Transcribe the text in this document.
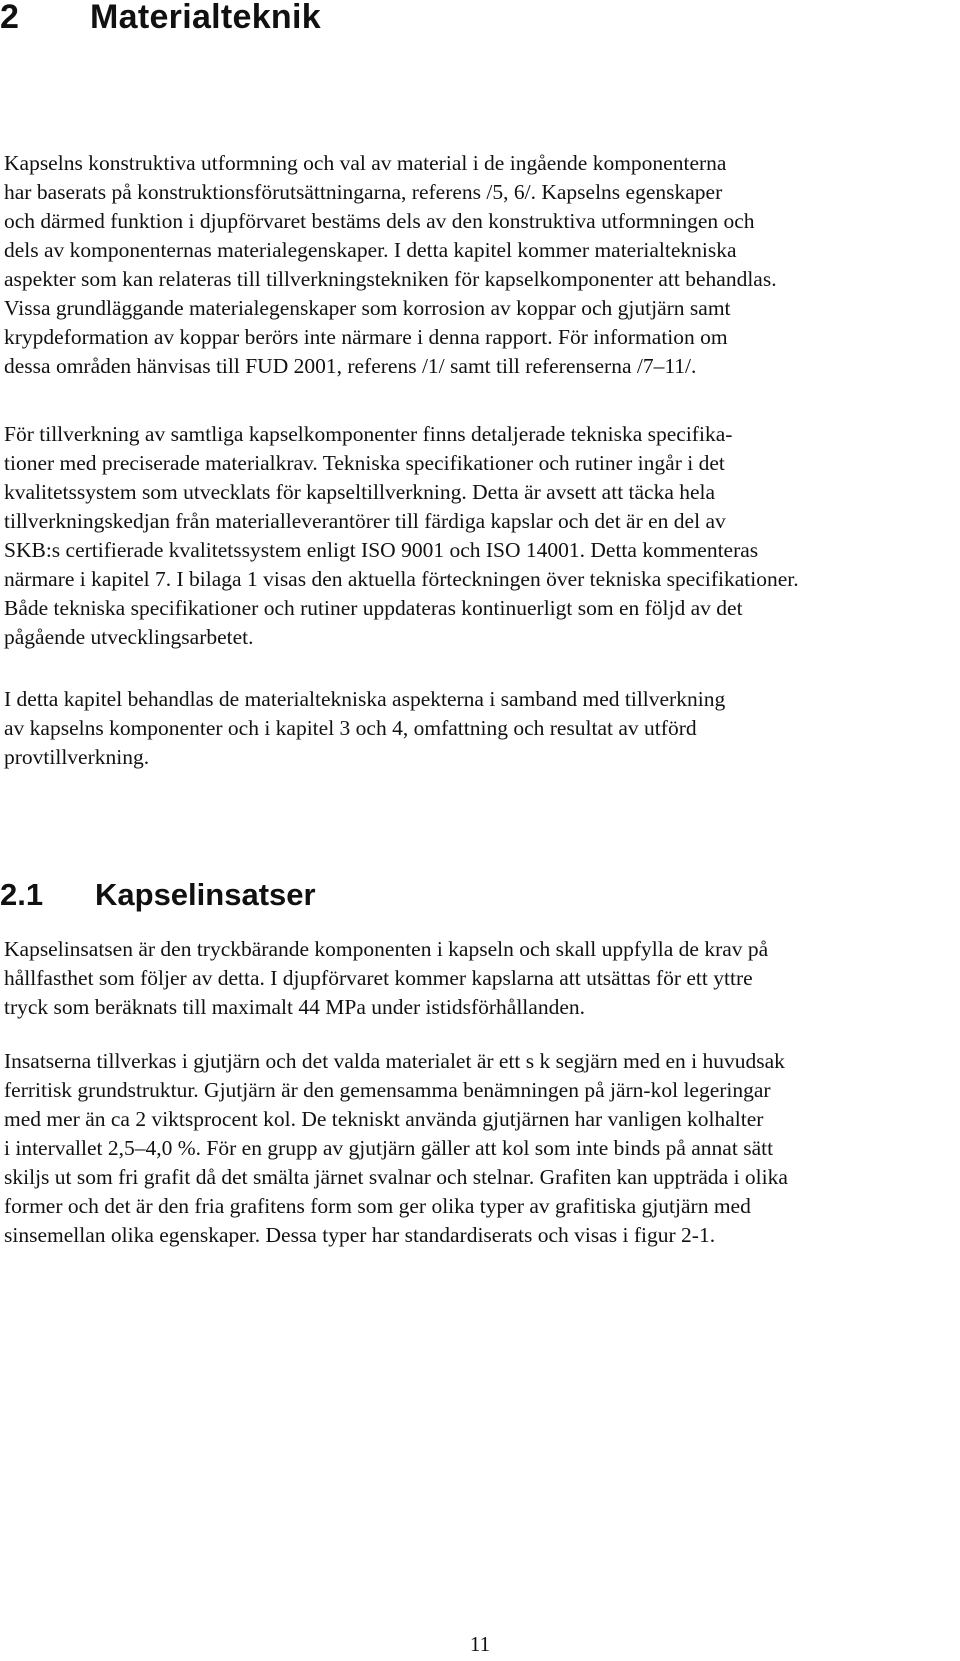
2 Materialteknik
Kapselns konstruktiva utformning och val av material i de ingående komponenterna
har baserats på konstruktionsförutsättningarna, referens /5, 6/. Kapselns egenskaper
och därmed funktion i djupförvaret bestäms dels av den konstruktiva utformningen och
dels av komponenternas materialegenskaper. I detta kapitel kommer materialtekniska
aspekter som kan relateras till tillverkningstekniken för kapselkomponenter att behandlas.
Vissa grundläggande materialegenskaper som korrosion av koppar och gjutjärn samt
krypdeformation av koppar berörs inte närmare i denna rapport. För information om
dessa områden hänvisas till FUD 2001, referens /1/ samt till referenserna /7–11/.
För tillverkning av samtliga kapselkomponenter finns detaljerade tekniska specifika-
tioner med preciserade materialkrav. Tekniska specifikationer och rutiner ingår i det
kvalitetssystem som utvecklats för kapseltillverkning. Detta är avsett att täcka hela
tillverkningskedjan från materialleverantörer till färdiga kapslar och det är en del av
SKB:s certifierade kvalitetssystem enligt ISO 9001 och ISO 14001. Detta kommenteras
närmare i kapitel 7. I bilaga 1 visas den aktuella förteckningen över tekniska specifikationer.
Både tekniska specifikationer och rutiner uppdateras kontinuerligt som en följd av det
pågående utvecklingsarbetet.
I detta kapitel behandlas de materialtekniska aspekterna i samband med tillverkning
av kapselns komponenter och i kapitel 3 och 4, omfattning och resultat av utförd
provtillverkning.
2.1 Kapselinsatser
Kapselinsatsen är den tryckbärande komponenten i kapseln och skall uppfylla de krav på
hållfasthet som följer av detta. I djupförvaret kommer kapslarna att utsättas för ett yttre
tryck som beräknats till maximalt 44 MPa under istidsförhållanden.
Insatserna tillverkas i gjutjärn och det valda materialet är ett s k segjärn med en i huvudsak
ferritisk grundstruktur. Gjutjärn är den gemensamma benämningen på järn-kol legeringar
med mer än ca 2 viktsprocent kol. De tekniskt använda gjutjärnen har vanligen kolhalter
i intervallet 2,5–4,0 %. För en grupp av gjutjärn gäller att kol som inte binds på annat sätt
skiljs ut som fri grafit då det smälta järnet svalnar och stelnar. Grafiten kan uppträda i olika
former och det är den fria grafitens form som ger olika typer av grafitiska gjutjärn med
sinsemellan olika egenskaper. Dessa typer har standardiserats och visas i figur 2-1.
11
